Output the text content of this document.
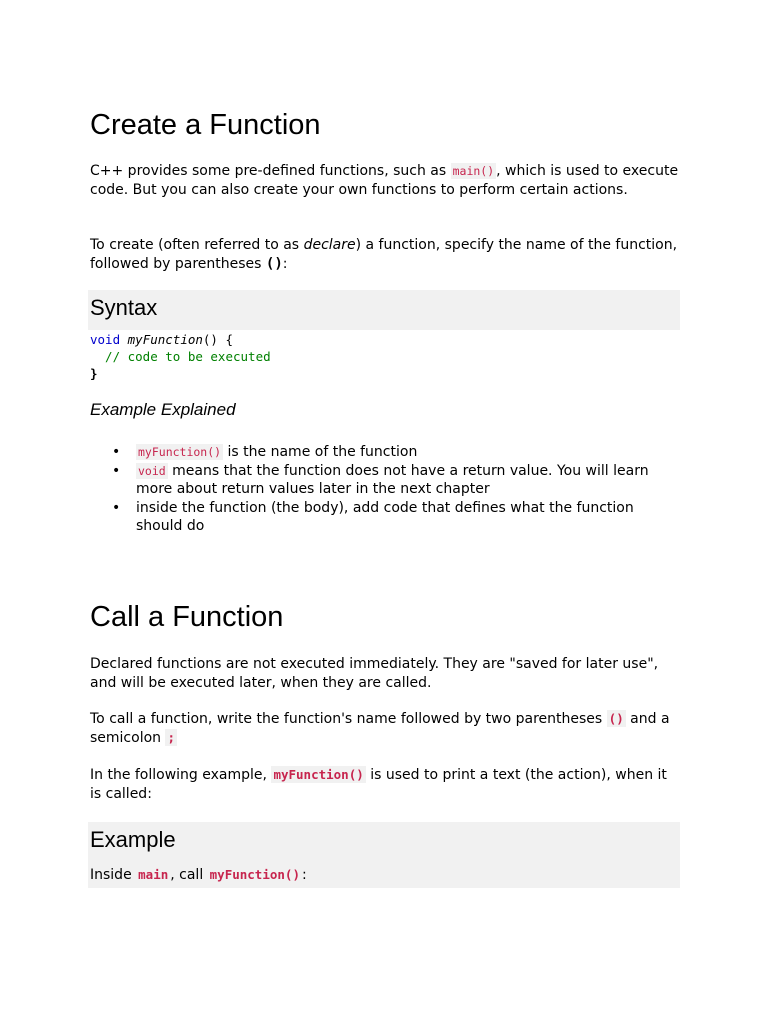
Create a Function

C++ provides some pre-defined functions, such as main() , which is used to execute code. But you can also create your own functions to perform certain actions.

To create (often referred to as declare) a function, specify the name of the function, followed by parentheses ():

Syntax
void myFunction() {
// code to be executed
}
Example Explained
• myFunction() is the name of the function
• void means that the function does not have a return value. You will learn more about return values later in the next chapter
• inside the function (the body), add code that defines what the function should do
Call a Function

Declared functions are not executed immediately. They are "saved for later use", and will be executed later, when they are called.

To call a function, write the function's name followed by two parentheses () and a semicolon ;

In the following example, myFunction() is used to print a text (the action), when it is called:

Example
Inside main , call myFunction() :
